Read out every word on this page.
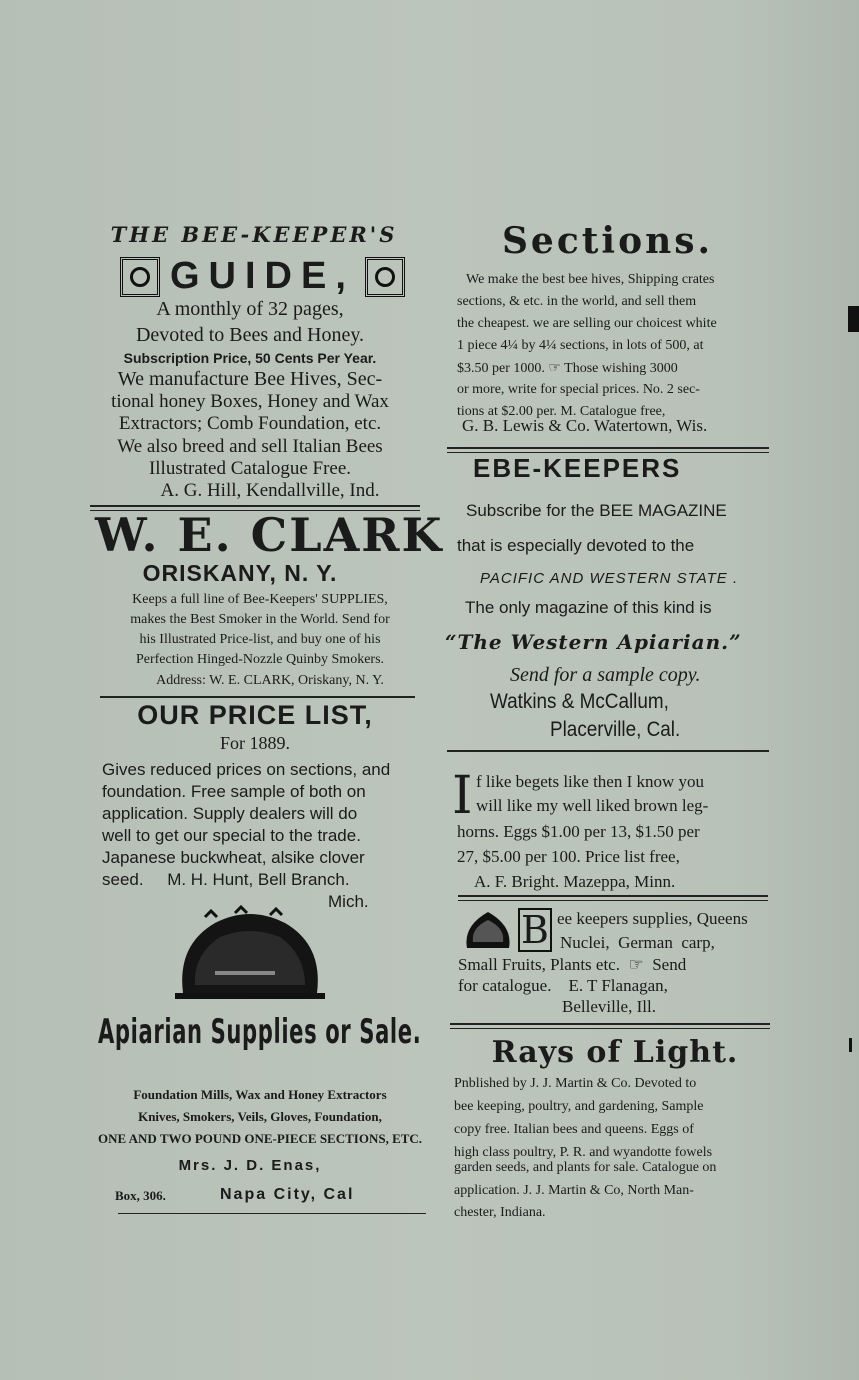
THE BEE-KEEPER'S
GUIDE,
A monthly of 32 pages,
Devoted to Bees and Honey.
Subscription Price, 50 Cents Per Year.
We manufacture Bee Hives, Sec-
tional honey Boxes, Honey and Wax
Extractors; Comb Foundation, etc.
We also breed and sell Italian Bees
Illustrated Catalogue Free.
A. G. Hill, Kendallville, Ind.
W. E. CLARK
ORISKANY, N. Y.
Keeps a full line of Bee-Keepers' SUPPLIES,
makes the Best Smoker in the World. Send for
his Illustrated Price-list, and buy one of his
Perfection Hinged-Nozzle Quinby Smokers.
Address: W. E. CLARK, Oriskany, N. Y.
OUR PRICE LIST,
For 1889.
Gives reduced prices on sections, and
foundation. Free sample of both on
application. Supply dealers will do
well to get our special to the trade.
Japanese buckwheat, alsike clover
seed.     M. H. Hunt, Bell Branch.
Mich.
Apiarian Supplies or Sale.
Foundation Mills, Wax and Honey Extractors
Knives, Smokers, Veils, Gloves, Foundation,
ONE AND TWO POUND ONE-PIECE SECTIONS, ETC.
Mrs. J. D. Enas,
Box, 306.	Napa City, Cal
Sections.
We make the best bee hives, Shipping crates
sections, & etc. in the world, and sell them
the cheapest. we are selling our choicest white
1 piece 4¼ by 4¼ sections, in lots of 500, at
$3.50 per 1000. ☞ Those wishing 3000
or more, write for special prices. No. 2 sec-
tions at $2.00 per. M. Catalogue free,
G. B. Lewis & Co. Watertown, Wis.
EBE-KEEPERS
Subscribe for the BEE MAGAZINE
that is especially devoted to the
PACIFIC AND WESTERN STATE .
The only magazine of this kind is
“The Western Apiarian.”
Send for a sample copy.
Watkins & McCallum,
Placerville, Cal.
I f like begets like then I know you
will like my well liked brown leg-
horns. Eggs $1.00 per 13, $1.50 per
27, $5.00 per 100. Price list free,
A. F. Bright. Mazeppa, Minn.
B ee keepers supplies, Queens
Nuclei,  German  carp,
Small Fruits, Plants etc.  ☞  Send
for catalogue.    E. T Flanagan,
Belleville, Ill.
Rays of Light.
Pnblished by J. J. Martin & Co. Devoted to
bee keeping, poultry, and gardening, Sample
copy free. Italian bees and queens. Eggs of
high class poultry, P. R. and wyandotte fowels
garden seeds, and plants for sale. Catalogue on
application. J. J. Martin & Co, North Man-
chester, Indiana.
